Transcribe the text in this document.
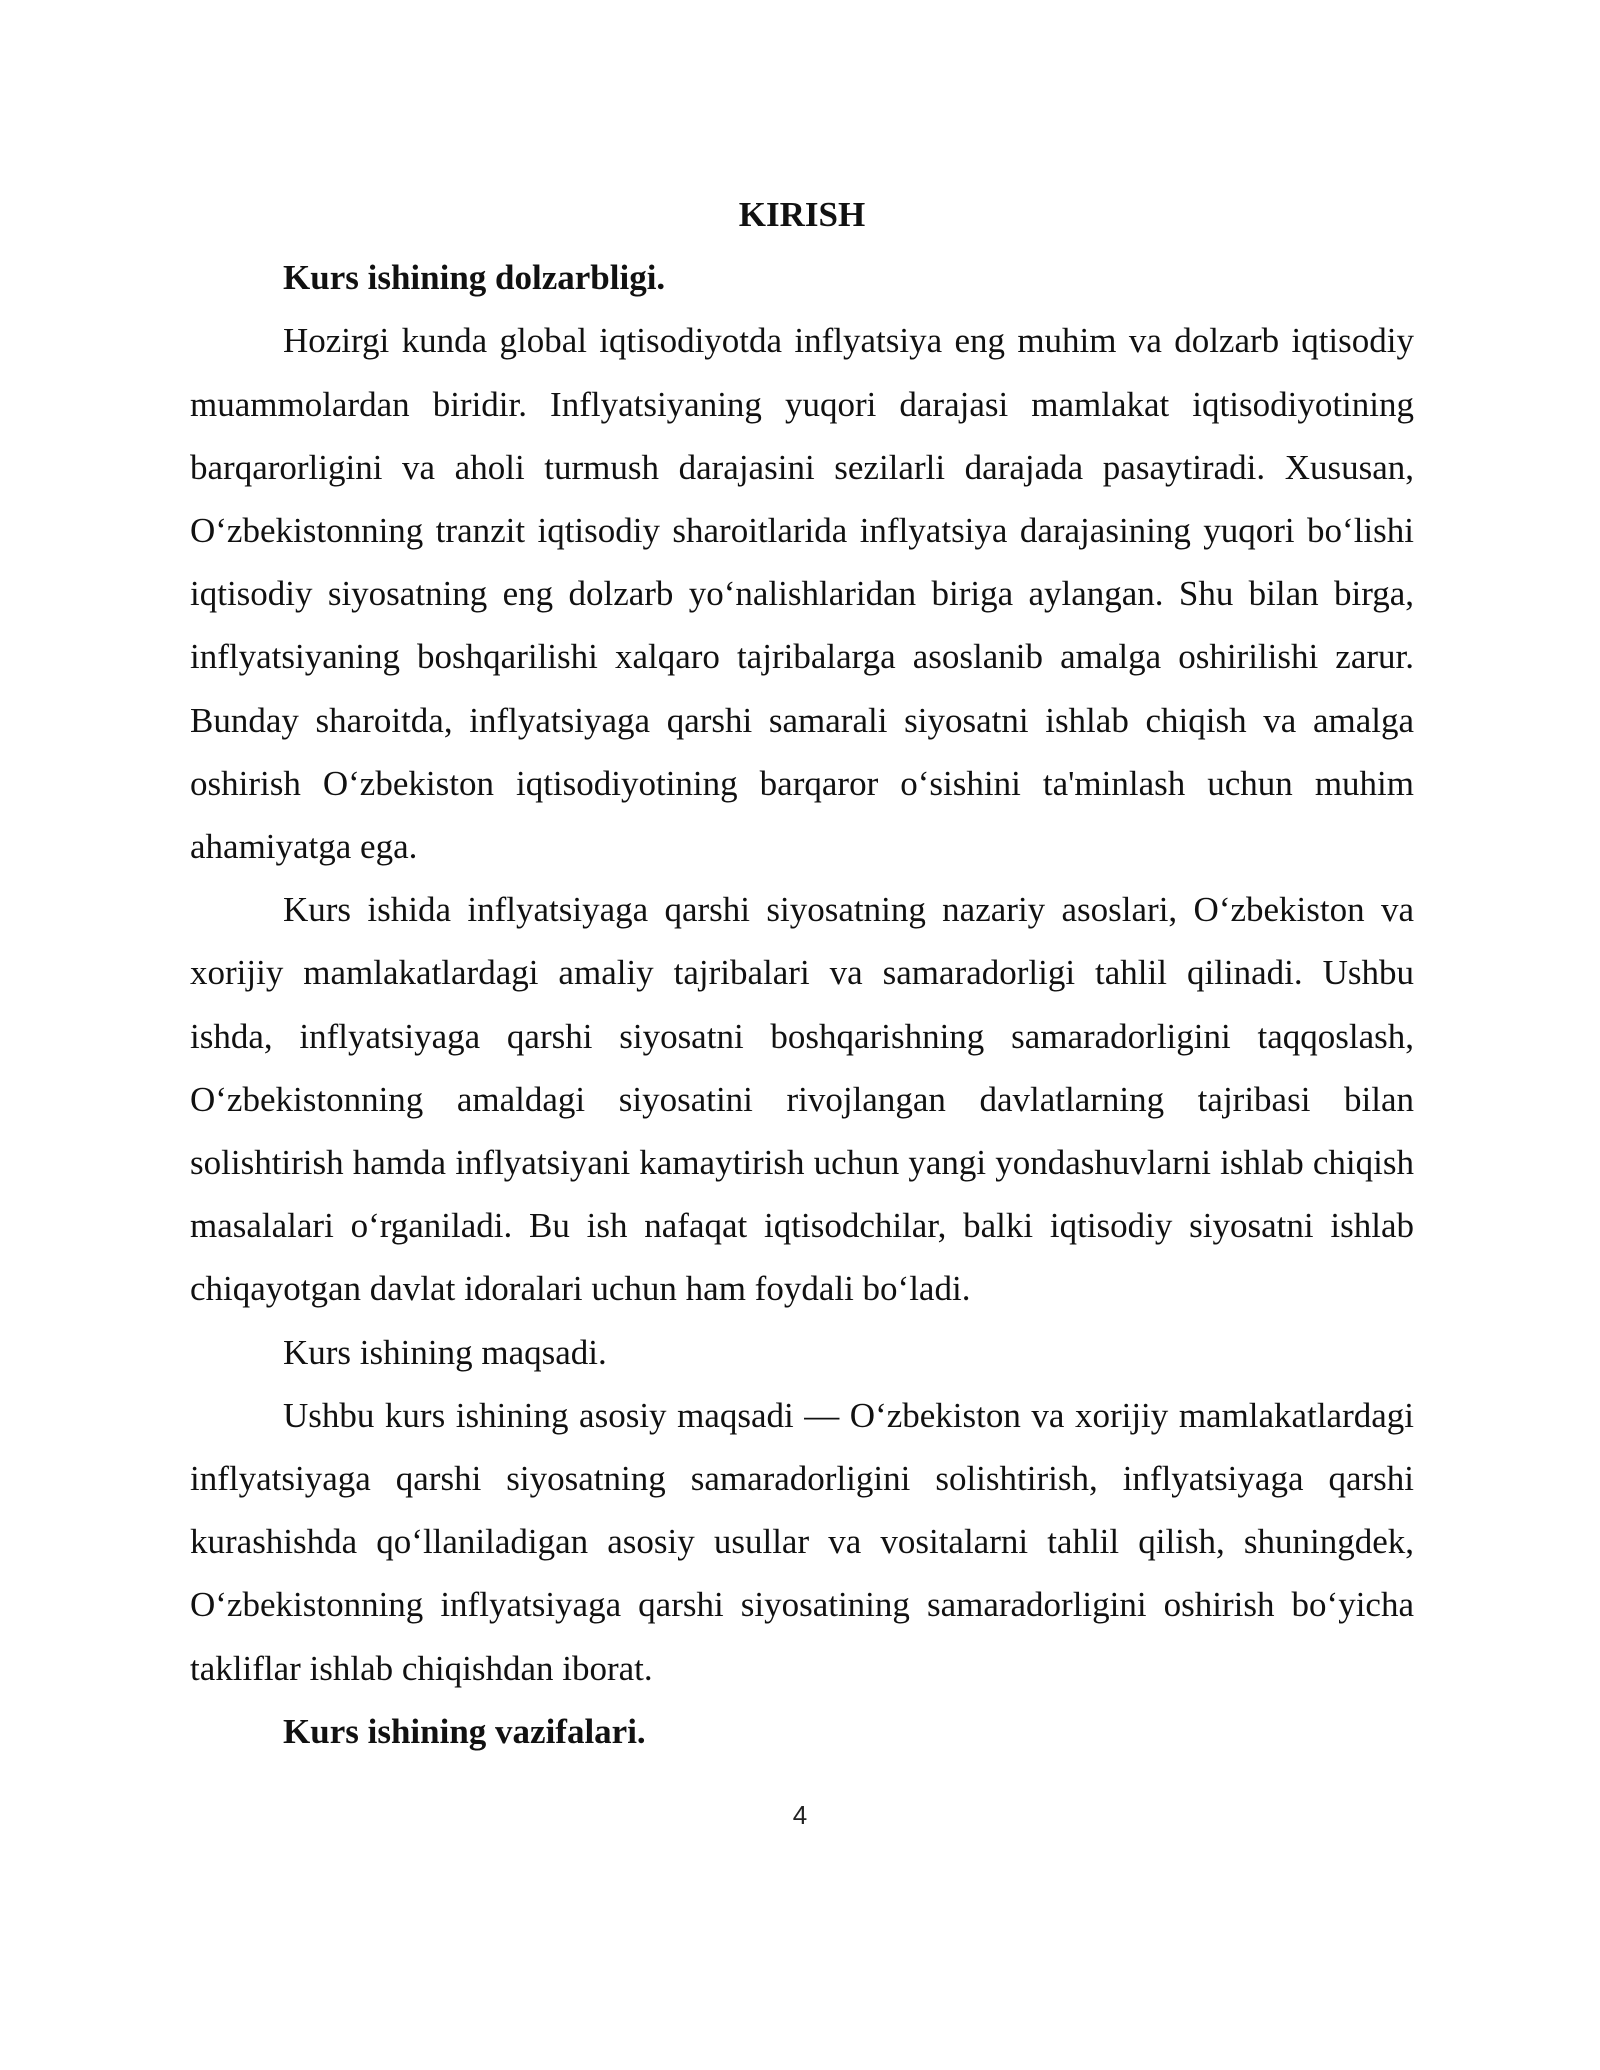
KIRISH

Kurs ishining dolzarbligi.

Hozirgi kunda global iqtisodiyotda inflyatsiya eng muhim va dolzarb iqtisodiy muammolardan biridir. Inflyatsiyaning yuqori darajasi mamlakat iqtisodiyotining barqarorligini va aholi turmush darajasini sezilarli darajada pasaytiradi. Xususan, O‘zbekistonning tranzit iqtisodiy sharoitlarida inflyatsiya darajasining yuqori bo‘lishi iqtisodiy siyosatning eng dolzarb yo‘nalishlaridan biriga aylangan. Shu bilan birga, inflyatsiyaning boshqarilishi xalqaro tajribalarga asoslanib amalga oshirilishi zarur. Bunday sharoitda, inflyatsiyaga qarshi samarali siyosatni ishlab chiqish va amalga oshirish O‘zbekiston iqtisodiyotining barqaror o‘sishini ta'minlash uchun muhim ahamiyatga ega.

Kurs ishida inflyatsiyaga qarshi siyosatning nazariy asoslari, O‘zbekiston va xorijiy mamlakatlardagi amaliy tajribalari va samaradorligi tahlil qilinadi. Ushbu ishda, inflyatsiyaga qarshi siyosatni boshqarishning samaradorligini taqqoslash, O‘zbekistonning amaldagi siyosatini rivojlangan davlatlarning tajribasi bilan solishtirish hamda inflyatsiyani kamaytirish uchun yangi yondashuvlarni ishlab chiqish masalalari o‘rganiladi. Bu ish nafaqat iqtisodchilar, balki iqtisodiy siyosatni ishlab chiqayotgan davlat idoralari uchun ham foydali bo‘ladi.

Kurs ishining maqsadi.

Ushbu kurs ishining asosiy maqsadi — O‘zbekiston va xorijiy mamlakatlardagi inflyatsiyaga qarshi siyosatning samaradorligini solishtirish, inflyatsiyaga qarshi kurashishda qo‘llaniladigan asosiy usullar va vositalarni tahlil qilish, shuningdek, O‘zbekistonning inflyatsiyaga qarshi siyosatining samaradorligini oshirish bo‘yicha takliflar ishlab chiqishdan iborat.

Kurs ishining vazifalari.

4
